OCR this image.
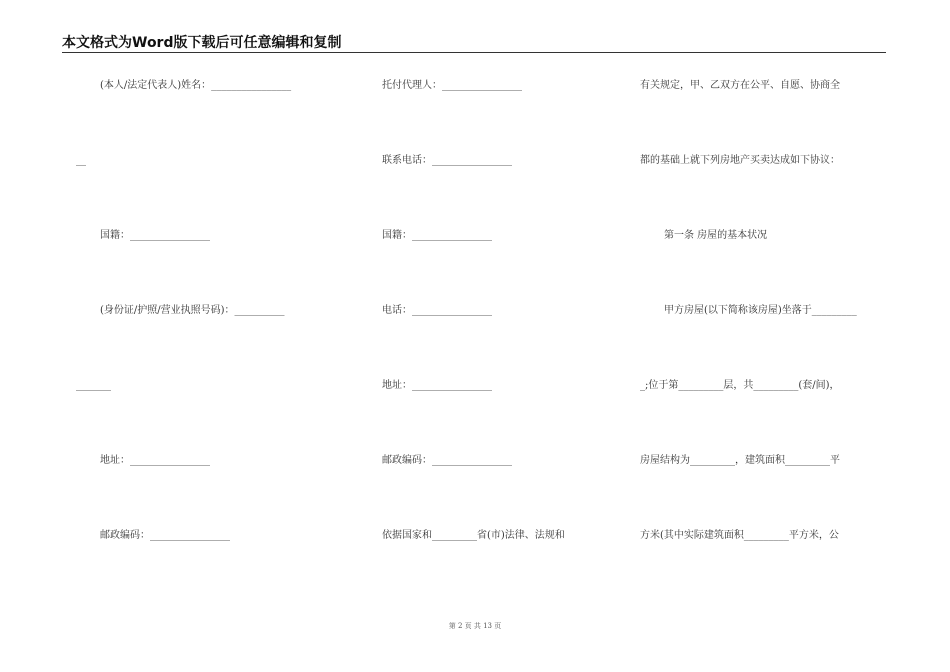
本文格式为Word版下载后可任意编辑和复制
(本人/法定代表人)姓名：________________
__
国籍：________________
(身份证/护照/营业执照号码)：__________
_______
地址：________________
邮政编码：________________
托付代理人：________________
联系电话：________________
国籍：________________
电话：________________
地址：________________
邮政编码：________________
依据国家和_________省(市)法律、法规和
有关规定，甲、乙双方在公平、自愿、协商全
都的基础上就下列房地产买卖达成如下协议：
第一条 房屋的基本状况
甲方房屋(以下简称该房屋)坐落于_________
_;位于第_________层，共_________(套/间)，
房屋结构为_________，建筑面积_________平
方米(其中实际建筑面积_________平方米，公
第 2 页 共 13 页
